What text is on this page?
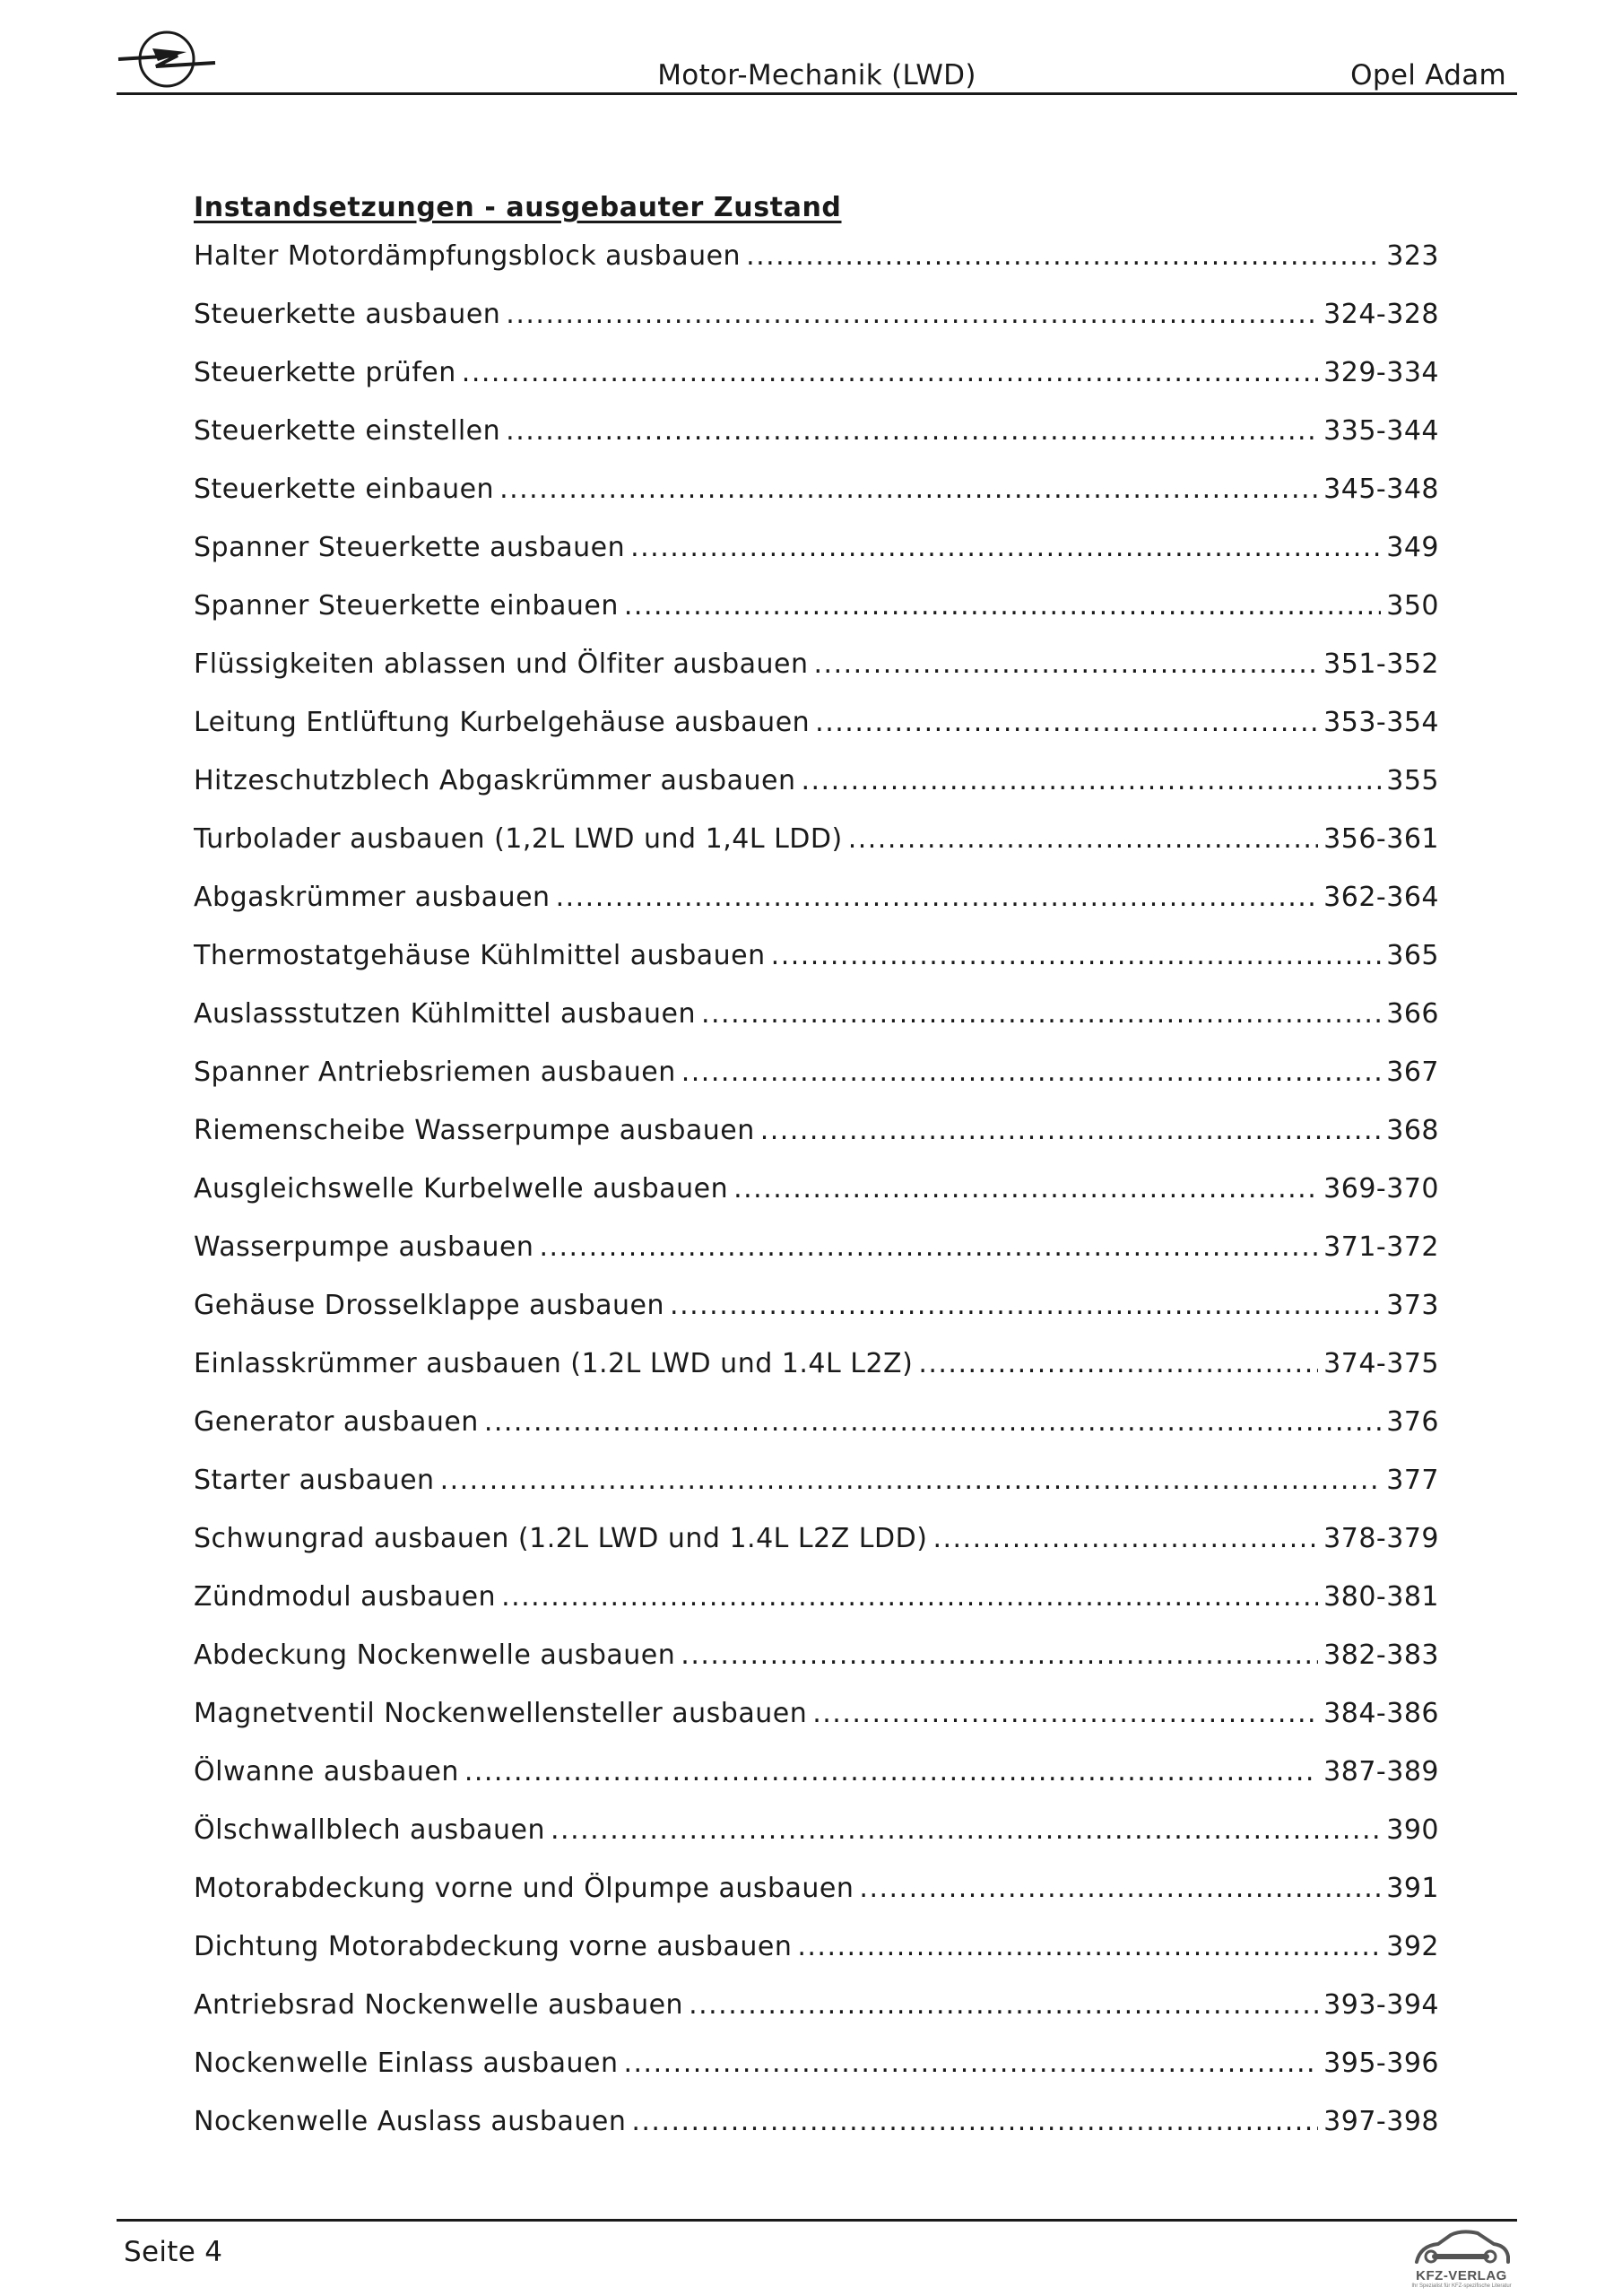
Motor-Mechanik (LWD)	Opel Adam
Instandsetzungen - ausgebauter Zustand
Halter Motordämpfungsblock ausbauen .....	323
Steuerkette ausbauen .....	324-328
Steuerkette prüfen .....	329-334
Steuerkette einstellen .....	335-344
Steuerkette einbauen .....	345-348
Spanner Steuerkette ausbauen .....	349
Spanner Steuerkette einbauen .....	350
Flüssigkeiten ablassen und Ölfiter ausbauen .....	351-352
Leitung Entlüftung Kurbelgehäuse ausbauen .....	353-354
Hitzeschutzblech Abgaskrümmer ausbauen .....	355
Turbolader ausbauen (1,2L LWD und 1,4L LDD) .....	356-361
Abgaskrümmer ausbauen .....	362-364
Thermostatgehäuse Kühlmittel ausbauen .....	365
Auslassstutzen Kühlmittel ausbauen .....	366
Spanner Antriebsriemen ausbauen .....	367
Riemenscheibe Wasserpumpe ausbauen .....	368
Ausgleichswelle Kurbelwelle ausbauen .....	369-370
Wasserpumpe ausbauen .....	371-372
Gehäuse Drosselklappe ausbauen .....	373
Einlasskrümmer ausbauen (1.2L LWD und 1.4L L2Z) .....	374-375
Generator ausbauen .....	376
Starter ausbauen .....	377
Schwungrad ausbauen (1.2L LWD und 1.4L L2Z LDD) .....	378-379
Zündmodul ausbauen .....	380-381
Abdeckung Nockenwelle ausbauen .....	382-383
Magnetventil Nockenwellensteller ausbauen .....	384-386
Ölwanne ausbauen .....	387-389
Ölschwallblech ausbauen .....	390
Motorabdeckung vorne und Ölpumpe ausbauen .....	391
Dichtung Motorabdeckung vorne ausbauen .....	392
Antriebsrad Nockenwelle ausbauen .....	393-394
Nockenwelle Einlass ausbauen .....	395-396
Nockenwelle Auslass ausbauen .....	397-398
Seite 4
KFZ-VERLAG
Ihr Spezialist für KFZ-spezifische Literatur
